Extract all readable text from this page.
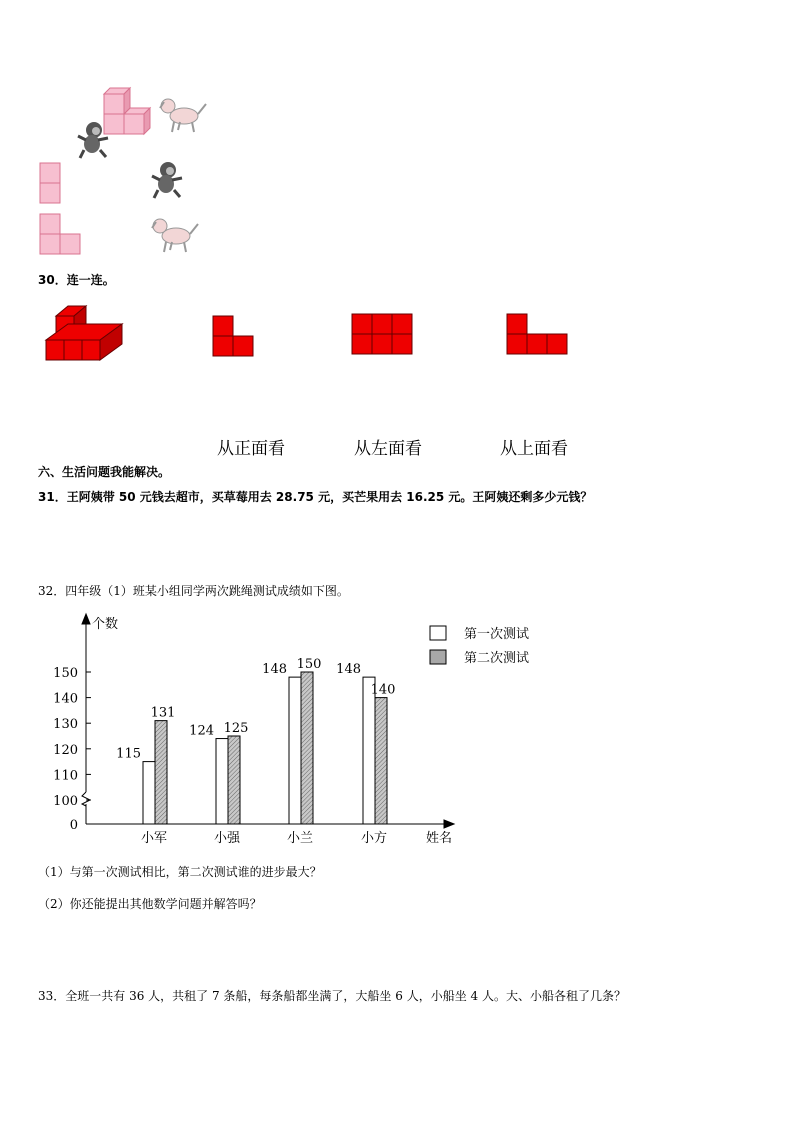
30．连一连。
从正面看	从左面看	从上面看
六、生活问题我能解决。
31．王阿姨带 50 元钱去超市，买草莓用去 28.75 元，买芒果用去 16.25 元。王阿姨还剩多少元钱？
32．四年级（1）班某小组同学两次跳绳测试成绩如下图。
个数
姓名
0
100
110
120
130
140
150
115
131
124 125
148 150 148
140
小军	小强	小兰	小方
第一次测试
第二次测试
（1）与第一次测试相比，第二次测试谁的进步最大？
（2）你还能提出其他数学问题并解答吗？
33．全班一共有 36 人，共租了 7 条船，每条船都坐满了，大船坐 6 人，小船坐 4 人。大、小船各租了几条？
